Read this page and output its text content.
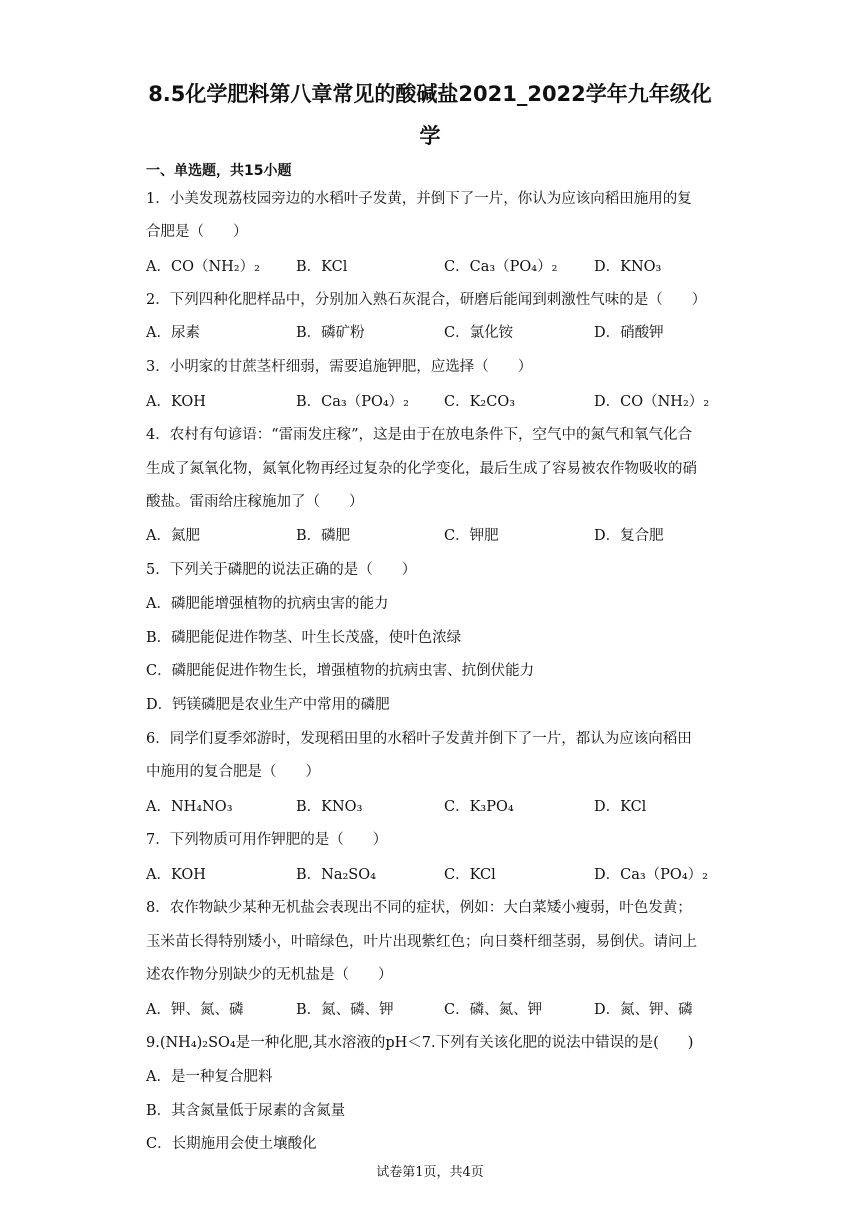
8.5化学肥料第八章常见的酸碱盐2021_2022学年九年级化
学
一、单选题，共15小题
1．小美发现荔枝园旁边的水稻叶子发黄，并倒下了一片，你认为应该向稻田施用的复
合肥是（　　）
A．CO（NH₂）₂ B．KCl	C．Ca₃（PO₄）₂	D．KNO₃
2．下列四种化肥样品中，分别加入熟石灰混合，研磨后能闻到刺激性气味的是（　　）
A．尿素	B．磷矿粉	C．氯化铵	D．硝酸钾
3．小明家的甘蔗茎杆细弱，需要追施钾肥，应选择（　　）
A．KOH	B．Ca₃（PO₄）₂ C．K₂CO₃	D．CO（NH₂）₂
4．农村有句谚语：“雷雨发庄稼”，这是由于在放电条件下，空气中的氮气和氧气化合
生成了氮氧化物，氮氧化物再经过复杂的化学变化，最后生成了容易被农作物吸收的硝
酸盐。雷雨给庄稼施加了（　　）
A．氮肥	B．磷肥	C．钾肥	D．复合肥
5．下列关于磷肥的说法正确的是（　　）
A．磷肥能增强植物的抗病虫害的能力
B．磷肥能促进作物茎、叶生长茂盛，使叶色浓绿
C．磷肥能促进作物生长，增强植物的抗病虫害、抗倒伏能力
D．钙镁磷肥是农业生产中常用的磷肥
6．同学们夏季郊游时，发现稻田里的水稻叶子发黄并倒下了一片，都认为应该向稻田
中施用的复合肥是（　　）
A．NH₄NO₃	B．KNO₃	C．K₃PO₄	D．KCl
7．下列物质可用作钾肥的是（　　）
A．KOH	B．Na₂SO₄	C．KCl	D．Ca₃（PO₄）₂
8．农作物缺少某种无机盐会表现出不同的症状，例如：大白菜矮小瘦弱，叶色发黄；
玉米苗长得特别矮小，叶暗绿色，叶片出现紫红色；向日葵杆细茎弱，易倒伏。请问上
述农作物分别缺少的无机盐是（　　）
A．钾、氮、磷	B．氮、磷、钾	C．磷、氮、钾	D．氮、钾、磷
9.(NH₄)₂SO₄是一种化肥,其水溶液的pH＜7.下列有关该化肥的说法中错误的是(　　)
A．是一种复合肥料
B．其含氮量低于尿素的含氮量
C．长期施用会使土壤酸化
试卷第1页，共4页
